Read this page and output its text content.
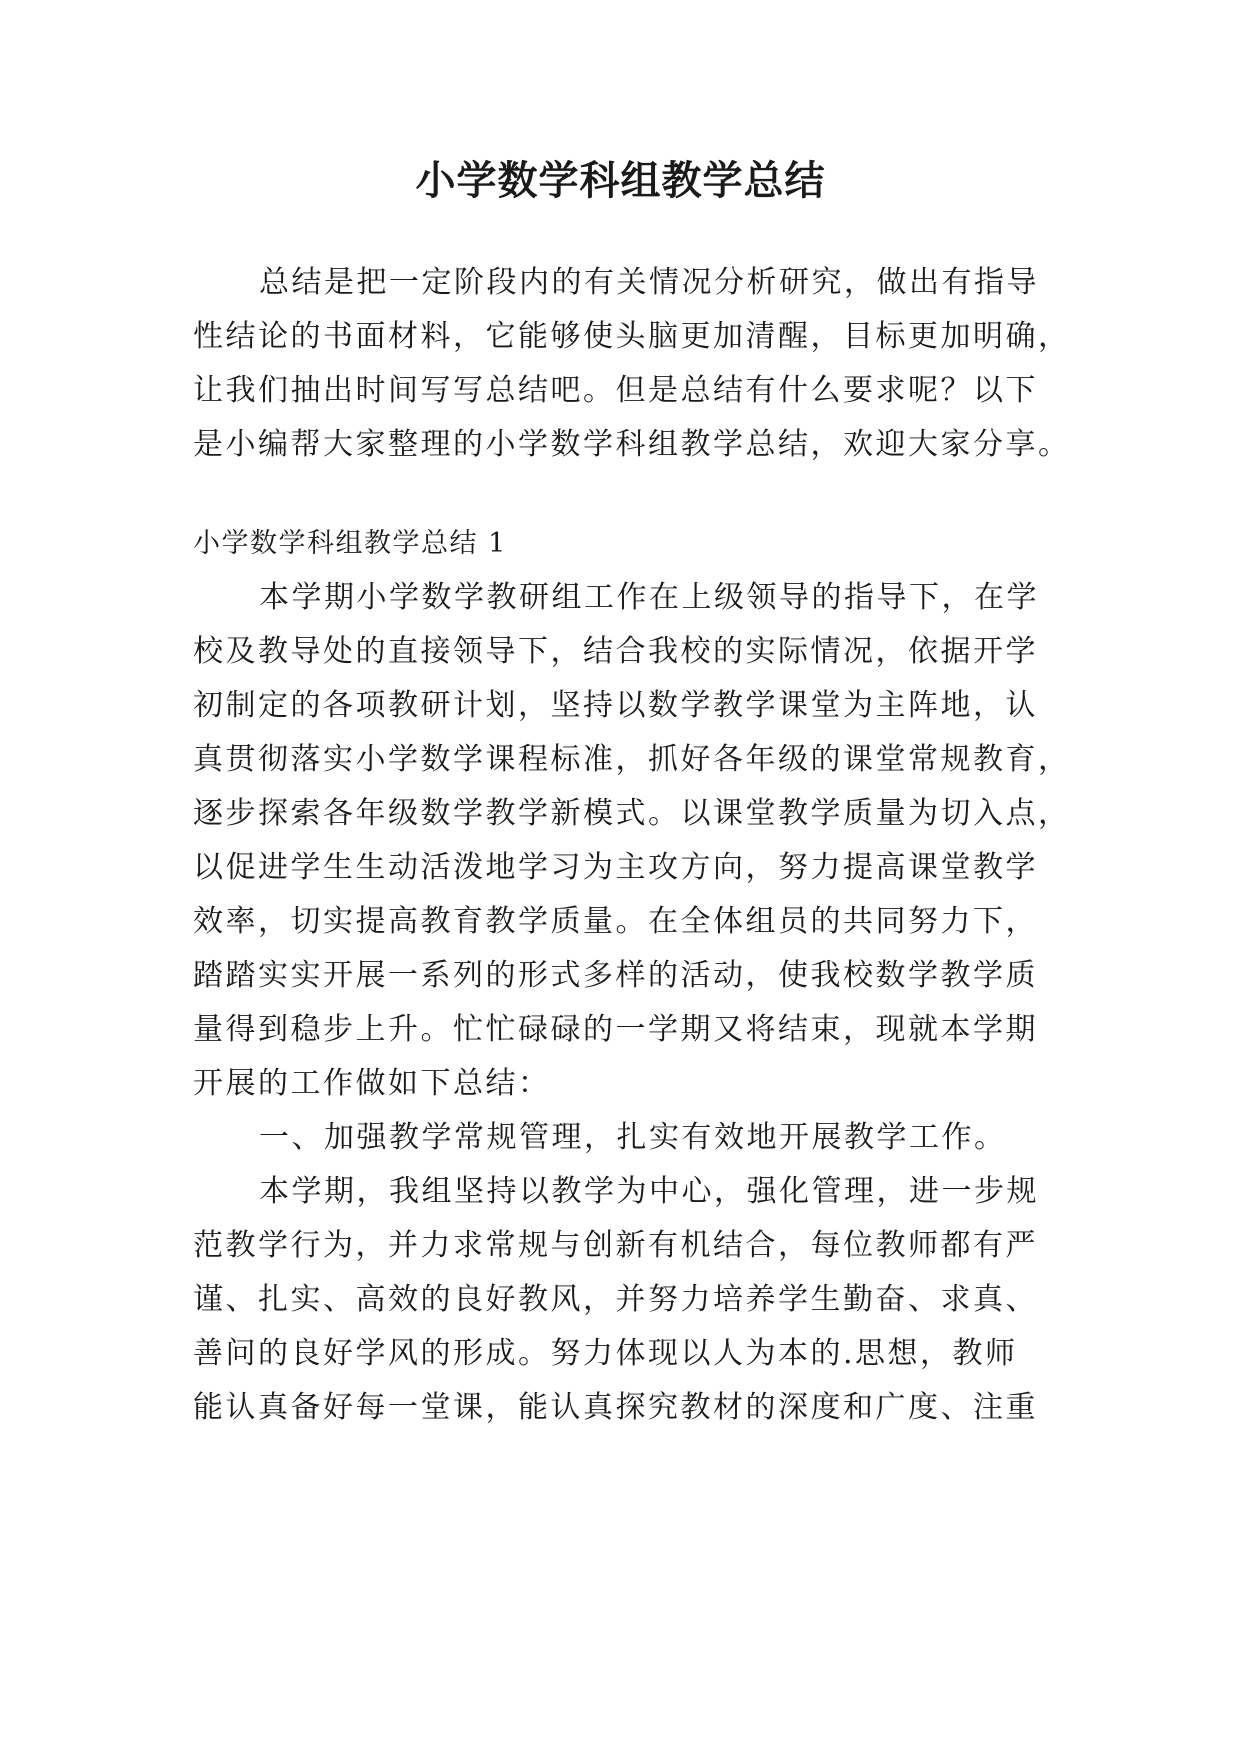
小学数学科组教学总结
总结是把一定阶段内的有关情况分析研究，做出有指导
性结论的书面材料，它能够使头脑更加清醒，目标更加明确，
让我们抽出时间写写总结吧。但是总结有什么要求呢？以下
是小编帮大家整理的小学数学科组教学总结，欢迎大家分享。
小学数学科组教学总结 1
本学期小学数学教研组工作在上级领导的指导下，在学
校及教导处的直接领导下，结合我校的实际情况，依据开学
初制定的各项教研计划，坚持以数学教学课堂为主阵地，认
真贯彻落实小学数学课程标准，抓好各年级的课堂常规教育，
逐步探索各年级数学教学新模式。以课堂教学质量为切入点，
以促进学生生动活泼地学习为主攻方向，努力提高课堂教学
效率，切实提高教育教学质量。在全体组员的共同努力下，
踏踏实实开展一系列的形式多样的活动，使我校数学教学质
量得到稳步上升。忙忙碌碌的一学期又将结束，现就本学期
开展的工作做如下总结：
一、加强教学常规管理，扎实有效地开展教学工作。
本学期，我组坚持以教学为中心，强化管理，进一步规
范教学行为，并力求常规与创新有机结合，每位教师都有严
谨、扎实、高效的良好教风，并努力培养学生勤奋、求真、
善问的良好学风的形成。努力体现以人为本的.思想，教师
能认真备好每一堂课，能认真探究教材的深度和广度、注重
